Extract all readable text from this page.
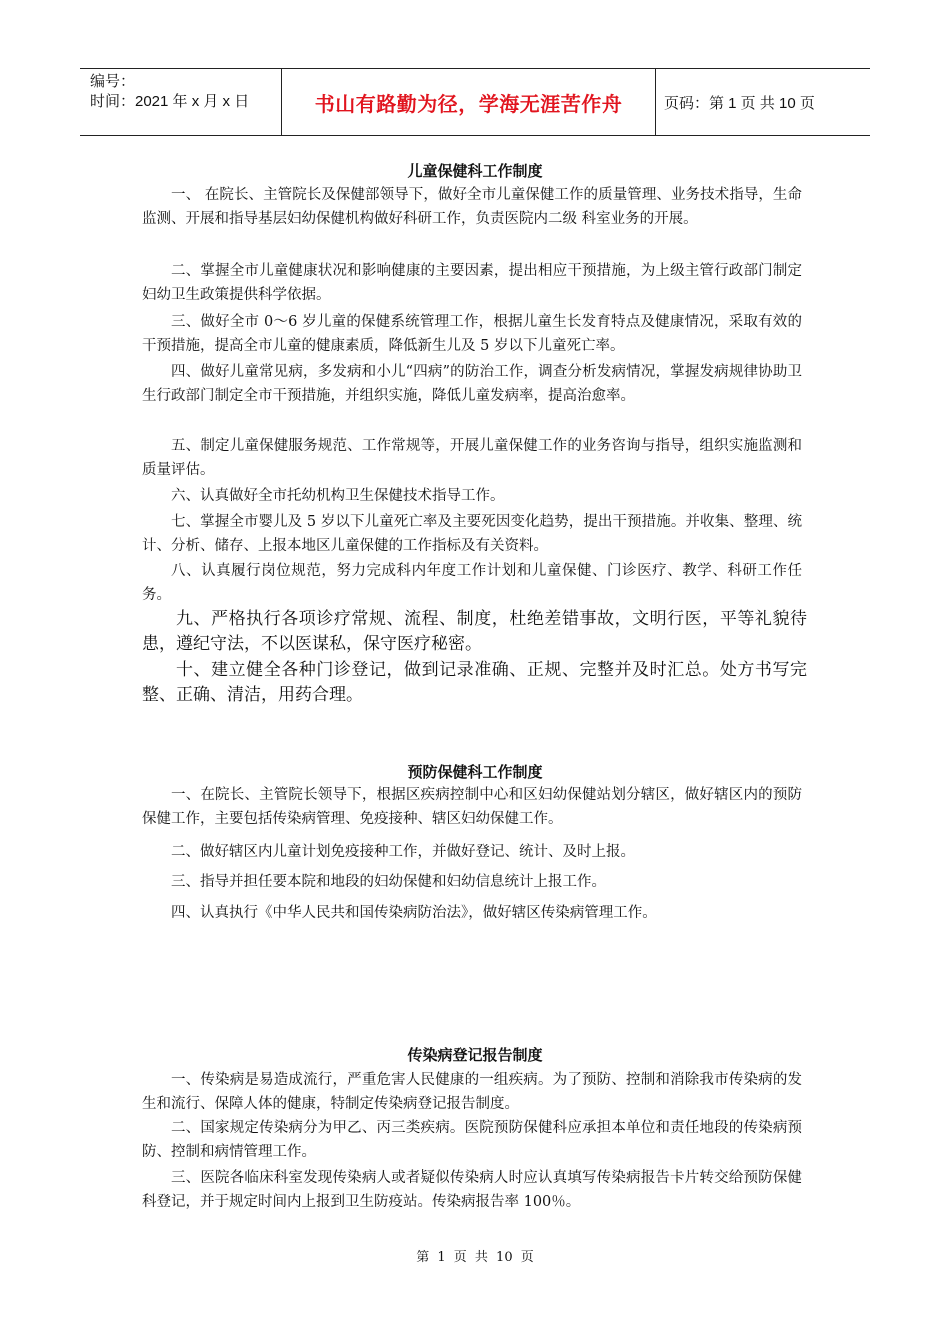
编号：
时间：2021 年 x 月 x 日	书山有路勤为径，学海无涯苦作舟	页码：第 1 页 共 10 页
儿童保健科工作制度

一、 在院长、主管院长及保健部领导下，做好全市儿童保健工作的质量管理、业务技术指导，生命监测、开展和指导基层妇幼保健机构做好科研工作，负责医院内二级 科室业务的开展。

二、掌握全市儿童健康状况和影响健康的主要因素，提出相应干预措施，为上级主管行政部门制定妇幼卫生政策提供科学依据。

三、做好全市 0～6 岁儿童的保健系统管理工作，根据儿童生长发育特点及健康情况，采取有效的干预措施，提高全市儿童的健康素质，降低新生儿及 5 岁以下儿童死亡率。

四、做好儿童常见病，多发病和小儿“四病”的防治工作，调查分析发病情况，掌握发病规律协助卫生行政部门制定全市干预措施，并组织实施，降低儿童发病率，提高治愈率。

五、制定儿童保健服务规范、工作常规等，开展儿童保健工作的业务咨询与指导，组织实施监测和质量评估。

六、认真做好全市托幼机构卫生保健技术指导工作。

七、掌握全市婴儿及 5 岁以下儿童死亡率及主要死因变化趋势，提出干预措施。并收集、整理、统计、分析、储存、上报本地区儿童保健的工作指标及有关资料。

八、认真履行岗位规范，努力完成科内年度工作计划和儿童保健、门诊医疗、教学、科研工作任务。

九、严格执行各项诊疗常规、流程、制度，杜绝差错事故，文明行医，平等礼貌待患，遵纪守法，不以医谋私，保守医疗秘密。

十、建立健全各种门诊登记，做到记录准确、正规、完整并及时汇总。处方书写完整、正确、清洁，用药合理。

预防保健科工作制度

一、在院长、主管院长领导下，根据区疾病控制中心和区妇幼保健站划分辖区，做好辖区内的预防保健工作，主要包括传染病管理、免疫接种、辖区妇幼保健工作。

二、做好辖区内儿童计划免疫接种工作，并做好登记、统计、及时上报。

三、指导并担任要本院和地段的妇幼保健和妇幼信息统计上报工作。

四、认真执行《中华人民共和国传染病防治法》，做好辖区传染病管理工作。

传染病登记报告制度

一、传染病是易造成流行，严重危害人民健康的一组疾病。为了预防、控制和消除我市传染病的发生和流行、保障人体的健康，特制定传染病登记报告制度。

二、国家规定传染病分为甲乙、丙三类疾病。医院预防保健科应承担本单位和责任地段的传染病预防、控制和病情管理工作。

三、医院各临床科室发现传染病人或者疑似传染病人时应认真填写传染病报告卡片转交给预防保健科登记，并于规定时间内上报到卫生防疫站。传染病报告率 100％。

第 1 页 共 10 页
